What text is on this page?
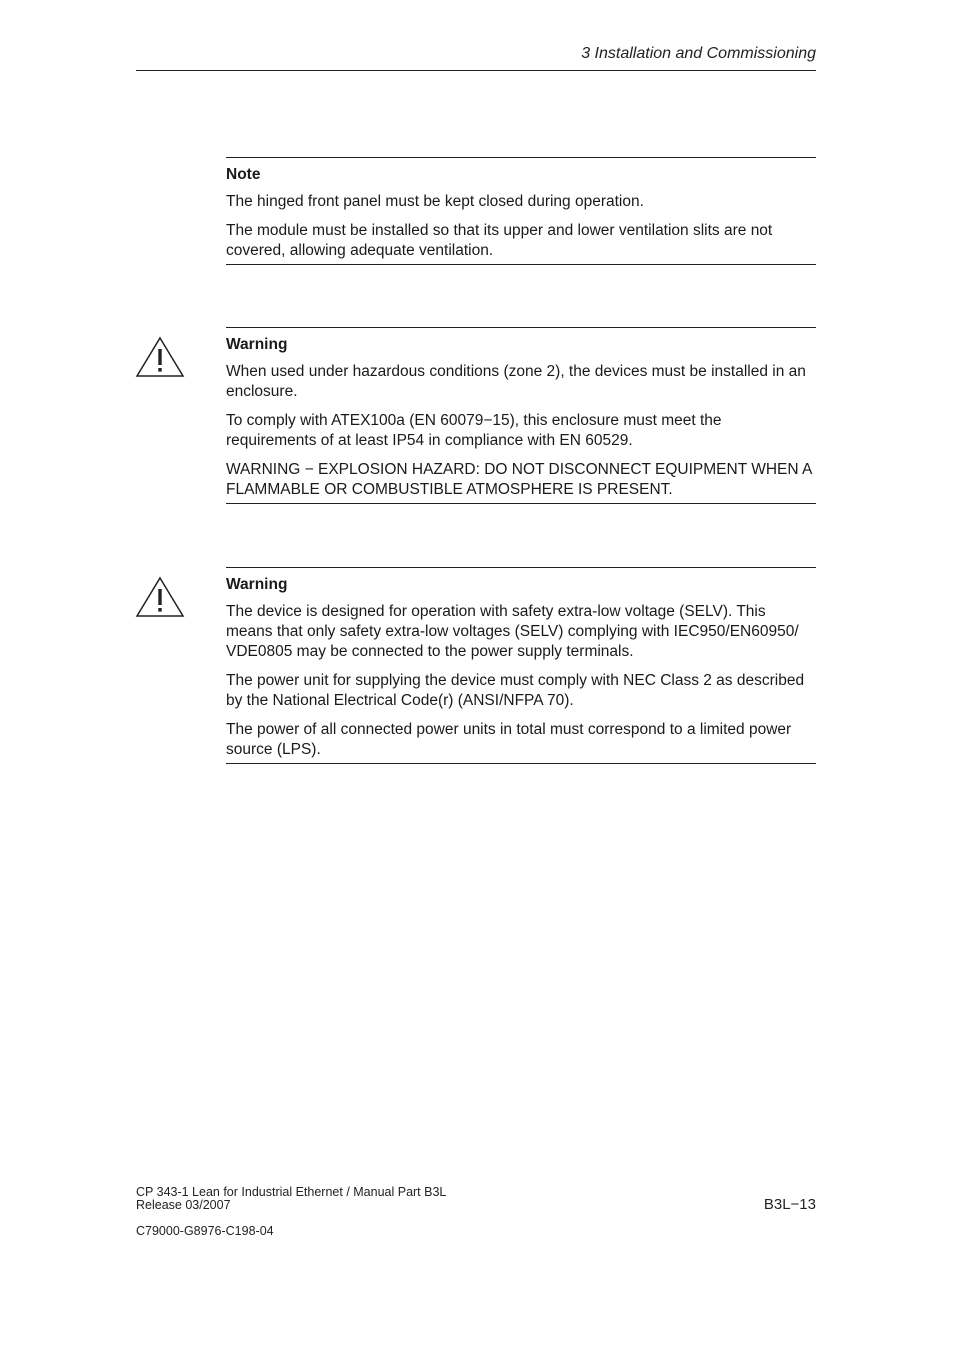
3 Installation and Commissioning
Note

The hinged front panel must be kept closed during operation.

The module must be installed so that its upper and lower ventilation slits are not covered, allowing adequate ventilation.

Warning

When used under hazardous conditions (zone 2), the devices must be installed in an enclosure.

To comply with ATEX100a (EN 60079−15), this enclosure must meet the requirements of at least IP54 in compliance with EN 60529.

WARNING − EXPLOSION HAZARD: DO NOT DISCONNECT EQUIPMENT WHEN A FLAMMABLE OR COMBUSTIBLE ATMOSPHERE IS PRESENT.

Warning

The device is designed for operation with safety extra-low voltage (SELV). This means that only safety extra-low voltages (SELV) complying with IEC950/EN60950/ VDE0805 may be connected to the power supply terminals.

The power unit for supplying the device must comply with NEC Class 2 as described by the National Electrical Code(r) (ANSI/NFPA 70).

The power of all connected power units in total must correspond to a limited power source (LPS).

CP 343-1 Lean for Industrial Ethernet / Manual Part B3L
Release 03/2007
C79000-G8976-C198-04
B3L−13
